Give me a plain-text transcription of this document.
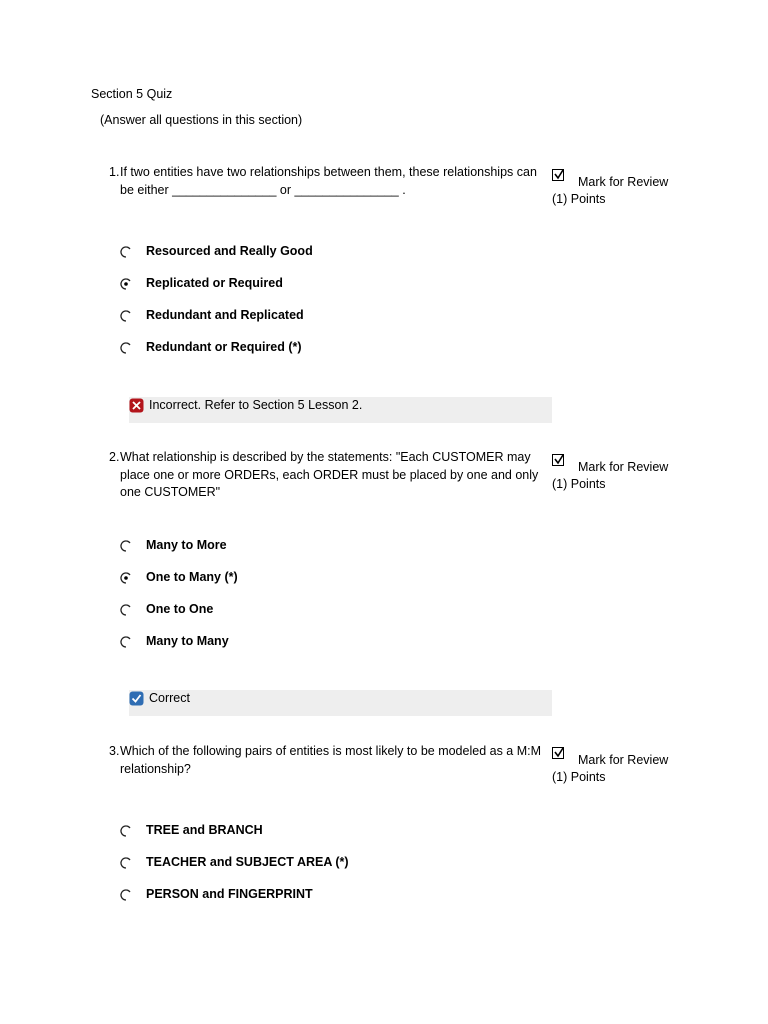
Section 5 Quiz
(Answer all questions in this section)
1. If two entities have two relationships between them, these relationships can be either _______________ or _______________ .
Mark for Review
(1) Points
Resourced and Really Good
Replicated or Required
Redundant and Replicated
Redundant or Required (*)
Incorrect. Refer to Section 5 Lesson 2.
2. What relationship is described by the statements: "Each CUSTOMER may place one or more ORDERs, each ORDER must be placed by one and only one CUSTOMER"
Mark for Review
(1) Points
Many to More
One to Many (*)
One to One
Many to Many
Correct
3. Which of the following pairs of entities is most likely to be modeled as a M:M relationship?
Mark for Review
(1) Points
TREE and BRANCH
TEACHER and SUBJECT AREA (*)
PERSON and FINGERPRINT
